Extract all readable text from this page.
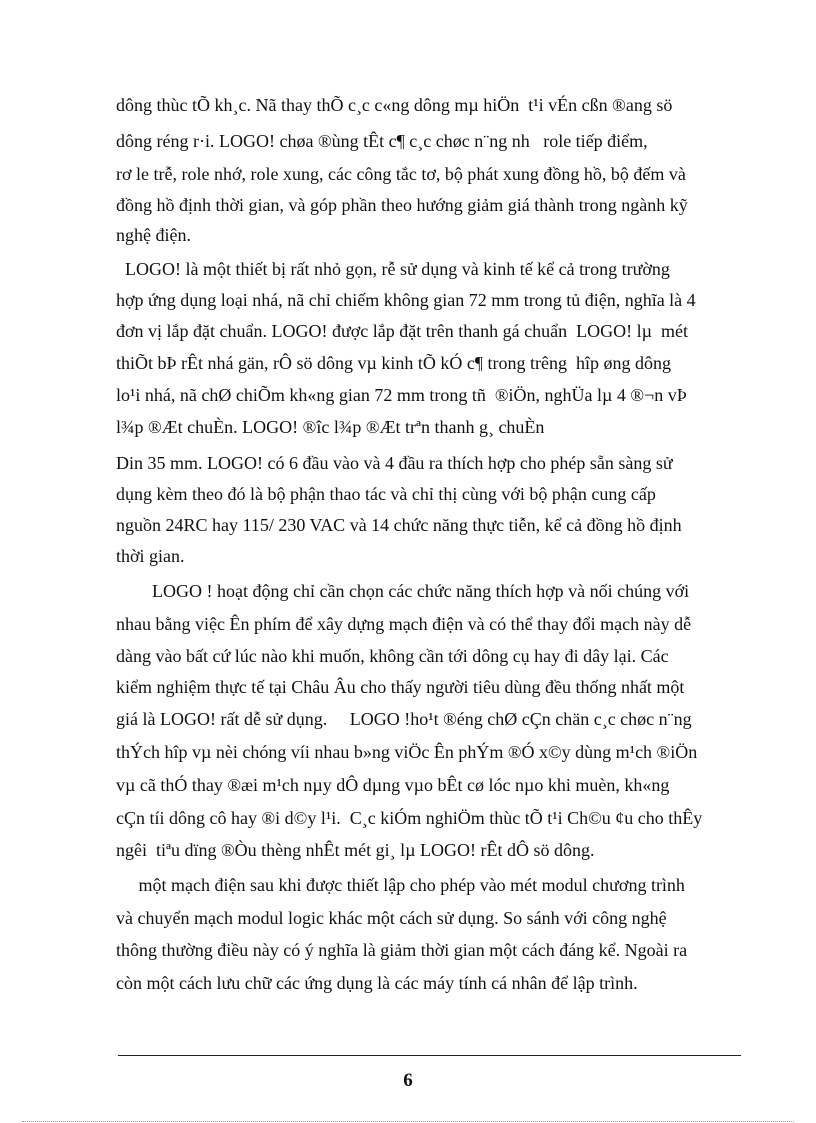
dông thùc tÕ kh¸c. Nã thay thÕ c¸c c«ng dông mµ hiÖn  t¹i vÉn cßn ®ang sö
dông réng r·i. LOGO! chøa ®ùng tÊt c¶ c¸c chøc n¨ng nh   role tiếp điểm,
rơ le trễ, role nhớ, role xung, các công tắc tơ, bộ phát xung đồng hồ, bộ đếm và
đồng hồ định thời gian, và góp phần theo hướng giảm giá thành trong ngành kỹ
nghệ điện.
LOGO! là một thiết bị rất nhỏ gọn, rễ sử dụng và kinh tế kể cả trong trường
hợp ứng dụng loại nhá, nã chỉ chiếm không gian 72 mm trong tủ điện, nghĩa là 4
đơn vị lắp đặt chuẩn. LOGO! được lắp đặt trên thanh gá chuẩn  LOGO! lµ  mét
thiÕt bÞ rÊt nhá gän, rÔ sö dông vµ kinh tÕ kÓ c¶ trong trêng  hîp øng dông
lo¹i nhá, nã chØ chiÕm kh«ng gian 72 mm trong tñ  ®iÖn, nghÜa lµ 4 ®¬n vÞ
l¾p ®Æt chuÈn. LOGO! ®îc l¾p ®Æt trªn thanh g¸ chuÈn
Din 35 mm. LOGO! có 6 đầu vào và 4 đầu ra thích hợp cho phép sẵn sàng sử
dụng kèm theo đó là bộ phận thao tác và chỉ thị cùng với bộ phận cung cấp
nguồn 24RC hay 115/ 230 VAC và 14 chức năng thực tiễn, kể cả đồng hồ định
thời gian.
LOGO ! hoạt động chỉ cần chọn các chức năng thích hợp và nối chúng với
nhau bằng việc Ên phím để xây dựng mạch điện và có thể thay đổi mạch này dễ
dàng vào bất cứ lúc nào khi muốn, không cần tới dông cụ hay đi dây lại. Các
kiểm nghiệm thực tế tại Châu Âu cho thấy người tiêu dùng đều thống nhất một
giá là LOGO! rất dễ sử dụng.     LOGO !ho¹t ®éng chØ cÇn chän c¸c chøc n¨ng
thÝch hîp vµ nèi chóng víi nhau b»ng viÖc Ên phÝm ®Ó x©y dùng m¹ch ®iÖn
vµ cã thÓ thay ®æi m¹ch nµy dÔ dµng vµo bÊt cø lóc nµo khi muèn, kh«ng
cÇn tíi dông cô hay ®i d©y l¹i.  C¸c kiÓm nghiÖm thùc tÕ t¹i Ch©u ¢u cho thÊy
ngêi  tiªu dïng ®Òu thèng nhÊt mét gi¸ lµ LOGO! rÊt dÔ sö dông.
một mạch điện sau khi được thiết lập cho phép vào mét modul chương trình
và chuyển mạch modul logic khác một cách sử dụng. So sánh với công nghệ
thông thường điều này có ý nghĩa là giảm thời gian một cách đáng kể. Ngoài ra
còn một cách lưu chữ các ứng dụng là các máy tính cá nhân để lập trình.
6
